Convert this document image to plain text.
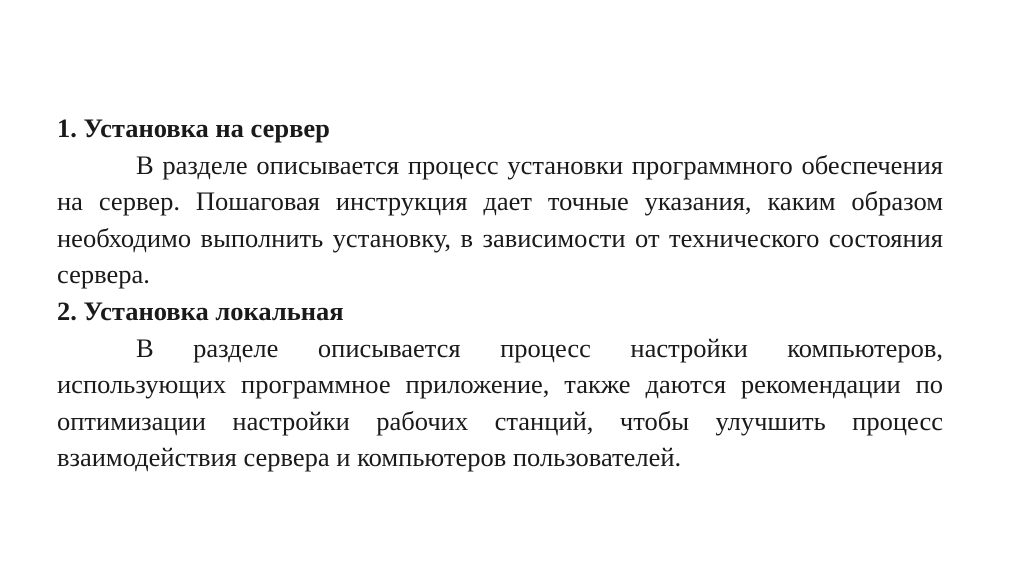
1. Установка на сервер

В разделе описывается процесс установки программного обеспечения на сервер. Пошаговая инструкция дает точные указания, каким образом необходимо выполнить установку, в зависимости от технического состояния сервера.

2. Установка локальная

В разделе описывается процесс настройки компьютеров, использующих программное приложение, также даются рекомендации по оптимизации настройки рабочих станций, чтобы улучшить процесс взаимодействия сервера и компьютеров пользователей.
